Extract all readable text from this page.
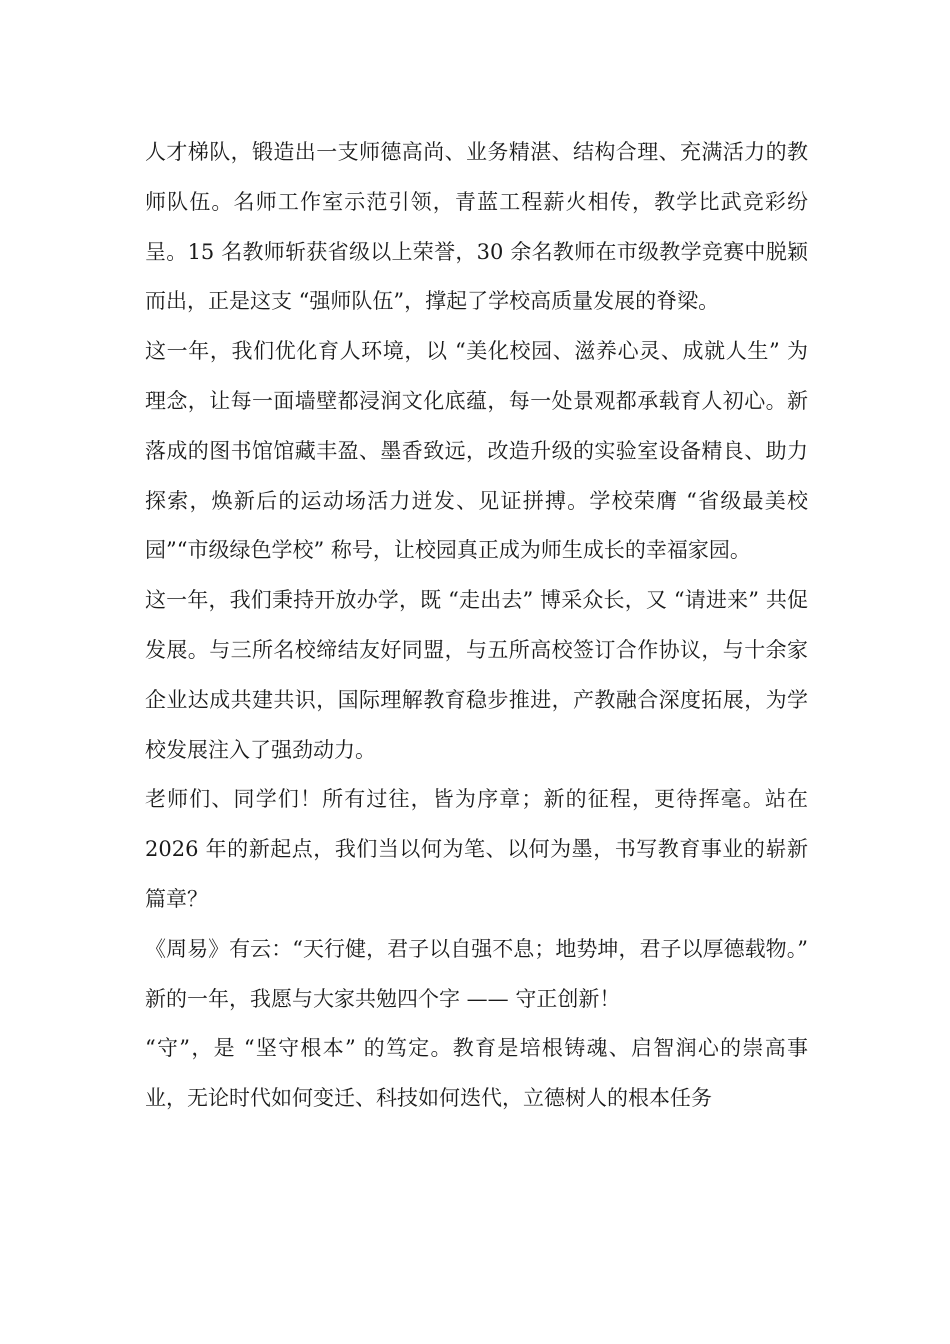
人才梯队，锻造出一支师德高尚、业务精湛、结构合理、充满活力的教师队伍。名师工作室示范引领，青蓝工程薪火相传，教学比武竞彩纷呈。15 名教师斩获省级以上荣誉，30 余名教师在市级教学竞赛中脱颖而出，正是这支 “强师队伍”，撑起了学校高质量发展的脊梁。

这一年，我们优化育人环境，以 “美化校园、滋养心灵、成就人生” 为理念，让每一面墙壁都浸润文化底蕴，每一处景观都承载育人初心。新落成的图书馆馆藏丰盈、墨香致远，改造升级的实验室设备精良、助力探索，焕新后的运动场活力迸发、见证拼搏。学校荣膺 “省级最美校园”“市级绿色学校” 称号，让校园真正成为师生成长的幸福家园。

这一年，我们秉持开放办学，既 “走出去” 博采众长，又 “请进来” 共促发展。与三所名校缔结友好同盟，与五所高校签订合作协议，与十余家企业达成共建共识，国际理解教育稳步推进，产教融合深度拓展，为学校发展注入了强劲动力。

老师们、同学们！所有过往，皆为序章；新的征程，更待挥毫。站在 2026 年的新起点，我们当以何为笔、以何为墨，书写教育事业的崭新篇章？

《周易》有云：“天行健，君子以自强不息；地势坤，君子以厚德载物。” 新的一年，我愿与大家共勉四个字 —— 守正创新！

“守”，是 “坚守根本” 的笃定。教育是培根铸魂、启智润心的崇高事业，无论时代如何变迁、科技如何迭代，立德树人的根本任务
